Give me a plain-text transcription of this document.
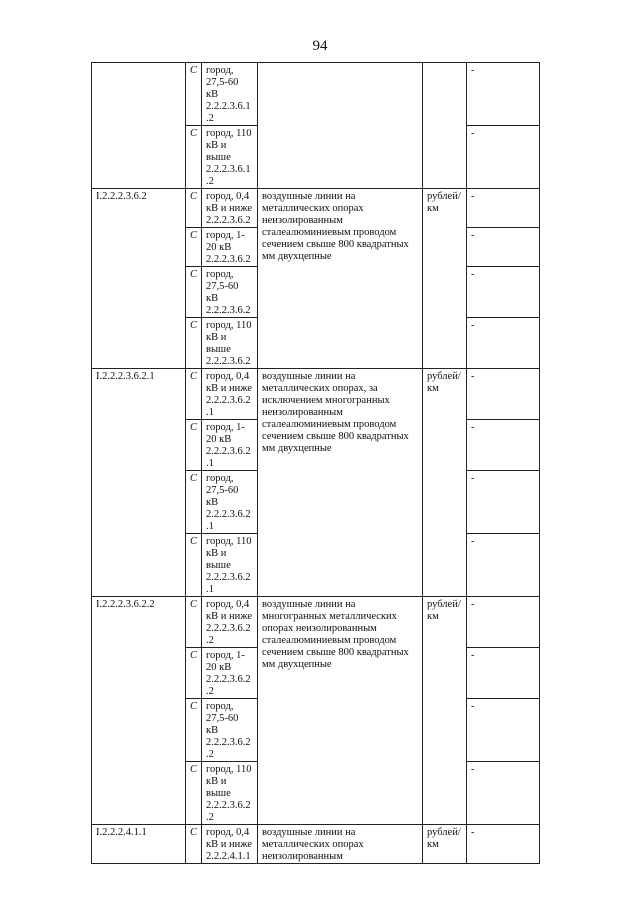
94
	С	город, 27,5-60 кВ 2.2.2.3.6.1.2			-
	С	город, 110 кВ и выше 2.2.2.3.6.1.2			-
I.2.2.2.3.6.2	С	город, 0,4 кВ и ниже 2.2.2.3.6.2	воздушные линии на металлических опорах неизолированным сталеалюминиевым проводом сечением свыше 800 квадратных мм двухцепные	рублей/ км	-
	С	город, 1-20 кВ 2.2.2.3.6.2			-
	С	город, 27,5-60 кВ 2.2.2.3.6.2			-
	С	город, 110 кВ и выше 2.2.2.3.6.2			-
I.2.2.2.3.6.2.1	С	город, 0,4 кВ и ниже 2.2.2.3.6.2.1	воздушные линии на металлических опорах, за исключением многогранных неизолированным сталеалюминиевым проводом сечением свыше 800 квадратных мм двухцепные	рублей/ км	-
	С	город, 1-20 кВ 2.2.2.3.6.2.1			-
	С	город, 27,5-60 кВ 2.2.2.3.6.2.1			-
	С	город, 110 кВ и выше 2.2.2.3.6.2.1			-
I.2.2.2.3.6.2.2	С	город, 0,4 кВ и ниже 2.2.2.3.6.2.2	воздушные линии на многогранных металлических опорах неизолированным сталеалюминиевым проводом сечением свыше 800 квадратных мм двухцепные	рублей/ км	-
	С	город, 1-20 кВ 2.2.2.3.6.2.2			-
	С	город, 27,5-60 кВ 2.2.2.3.6.2.2			-
	С	город, 110 кВ и выше 2.2.2.3.6.2.2			-
I.2.2.2.4.1.1	С	город, 0,4 кВ и ниже 2.2.2.4.1.1	воздушные линии на металлических опорах неизолированным	рублей/ км	-
